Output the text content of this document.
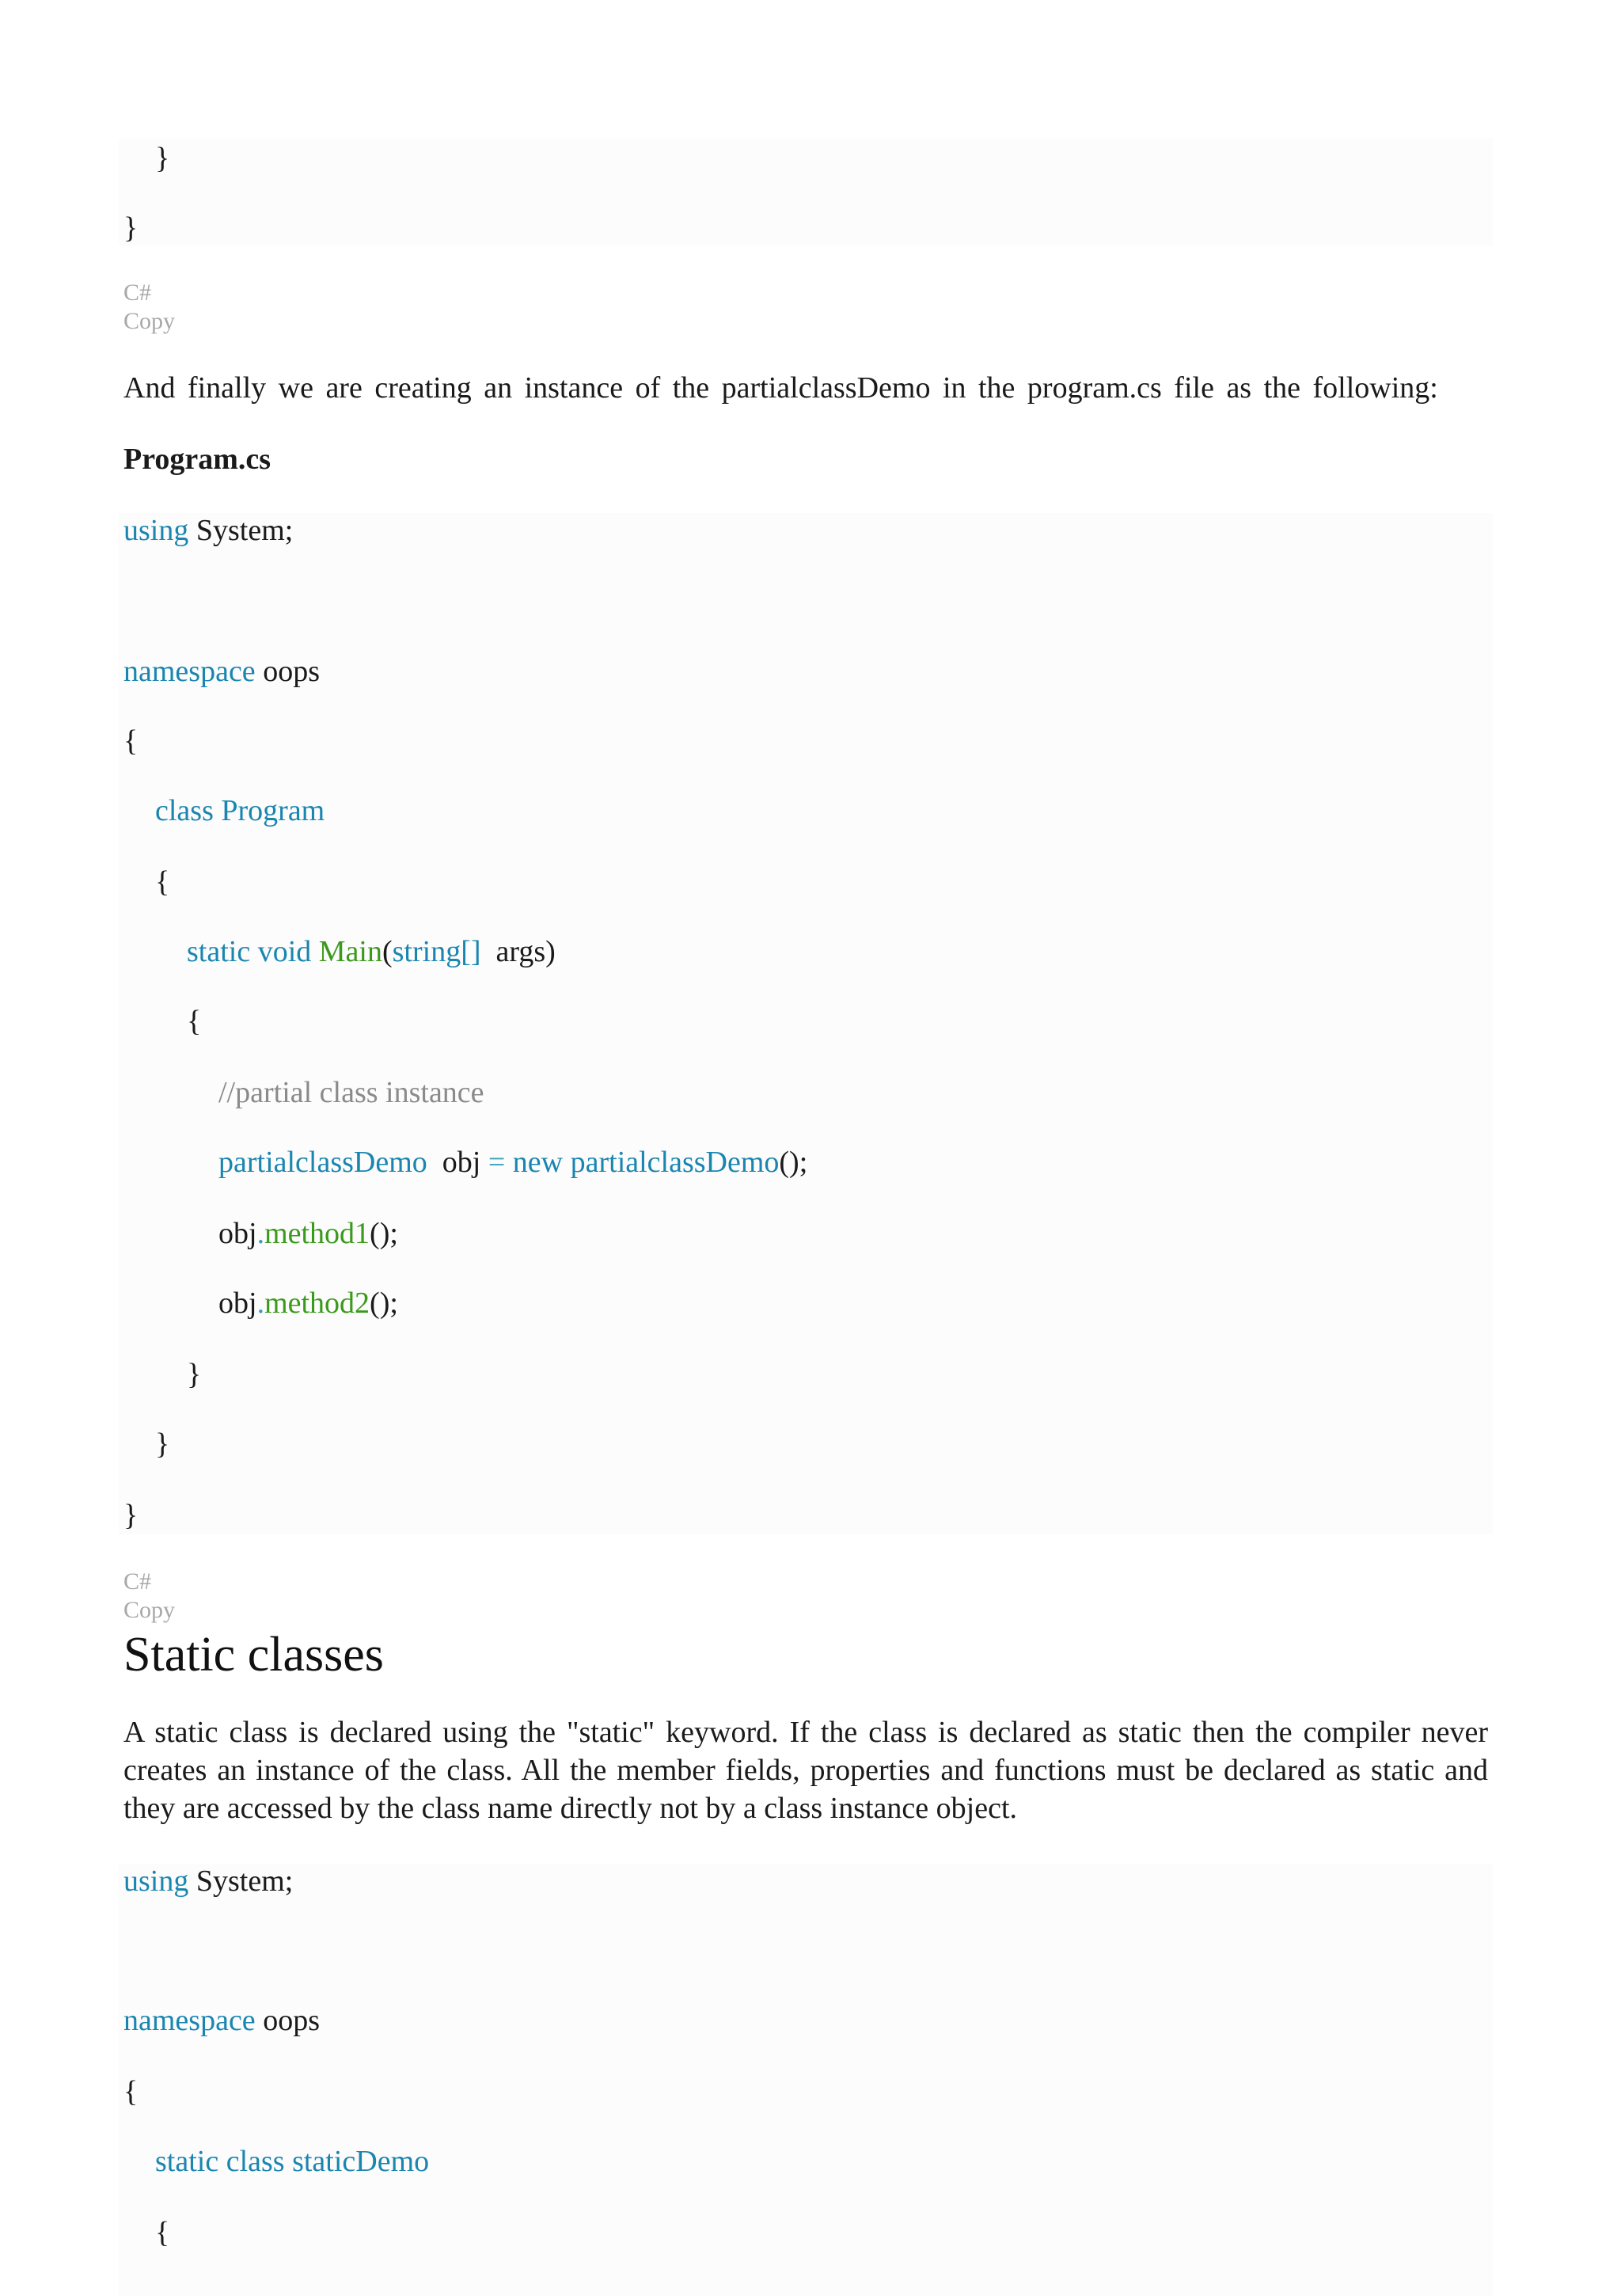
}
}
C#
Copy
And finally we are creating an instance of the partialclassDemo in the program.cs file as the following:
Program.cs
using System;
namespace oops
{
class Program
{
static void Main(string[]  args)
{
//partial class instance
partialclassDemo  obj = new partialclassDemo();
obj.method1();
obj.method2();
}
}
}
C#
Copy
Static classes
A static class is declared using the "static" keyword. If the class is declared as static then the compiler never creates an instance of the class. All the member fields, properties and functions must be declared as static and they are accessed by the class name directly not by a class instance object.
using System;
namespace oops
{
static class staticDemo
{
